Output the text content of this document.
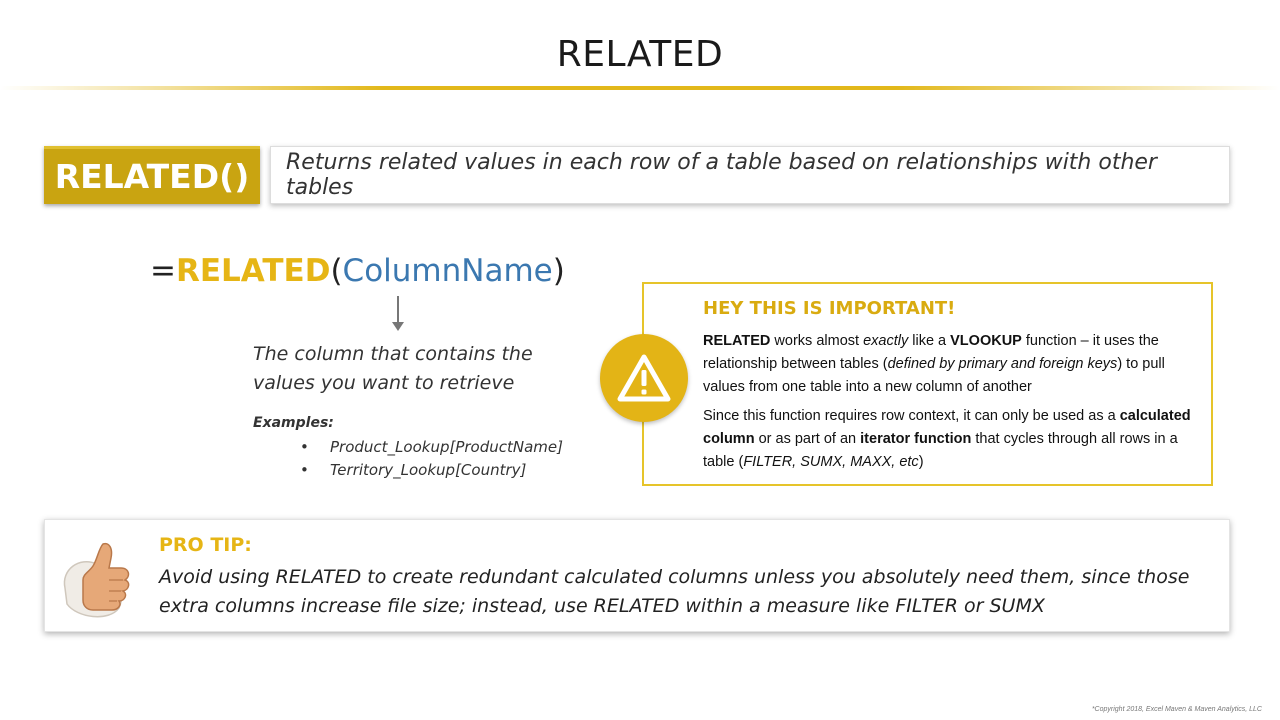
RELATED
RELATED()	Returns related values in each row of a table based on relationships with other tables
=RELATED(ColumnName)
The column that contains the
values you want to retrieve
Examples:
• Product_Lookup[ProductName]
• Territory_Lookup[Country]
HEY THIS IS IMPORTANT!
RELATED works almost exactly like a VLOOKUP function – it uses the relationship between tables (defined by primary and foreign keys) to pull values from one table into a new column of another
Since this function requires row context, it can only be used as a calculated column or as part of an iterator function that cycles through all rows in a table (FILTER, SUMX, MAXX, etc)
PRO TIP:

Avoid using RELATED to create redundant calculated columns unless you absolutely need them, since those extra columns increase file size; instead, use RELATED within a measure like FILTER or SUMX

*Copyright 2018, Excel Maven & Maven Analytics, LLC
